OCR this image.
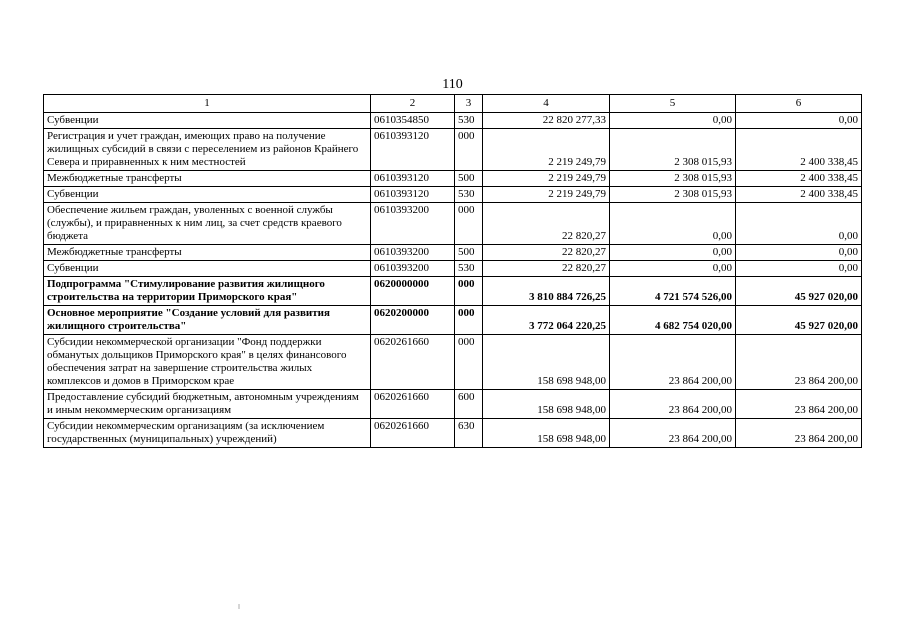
110
1	2	3	4	5	6
Субвенции	0610354850	530	22 820 277,33	0,00	0,00
Регистрация и учет граждан, имеющих право на получение жилищных субсидий в связи с переселением из районов Крайнего Севера и приравненных к ним местностей	0610393120	000	2 219 249,79	2 308 015,93	2 400 338,45
Межбюджетные трансферты	0610393120	500	2 219 249,79	2 308 015,93	2 400 338,45
Субвенции	0610393120	530	2 219 249,79	2 308 015,93	2 400 338,45
Обеспечение жильем граждан, уволенных с военной службы (службы), и приравненных к ним лиц, за счет средств краевого бюджета	0610393200	000	22 820,27	0,00	0,00
Межбюджетные трансферты	0610393200	500	22 820,27	0,00	0,00
Субвенции	0610393200	530	22 820,27	0,00	0,00
Подпрограмма "Стимулирование развития жилищного строительства на территории Приморского края"	0620000000	000	3 810 884 726,25	4 721 574 526,00	45 927 020,00
Основное мероприятие "Создание условий для развития жилищного строительства"	0620200000	000	3 772 064 220,25	4 682 754 020,00	45 927 020,00
Субсидии некоммерческой организации "Фонд поддержки обманутых дольщиков Приморского края" в целях финансового обеспечения затрат на завершение строительства жилых комплексов и домов в Приморском крае	0620261660	000	158 698 948,00	23 864 200,00	23 864 200,00
Предоставление субсидий бюджетным, автономным учреждениям и иным некоммерческим организациям	0620261660	600	158 698 948,00	23 864 200,00	23 864 200,00
Субсидии некоммерческим организациям (за исключением государственных (муниципальных) учреждений)	0620261660	630	158 698 948,00	23 864 200,00	23 864 200,00
